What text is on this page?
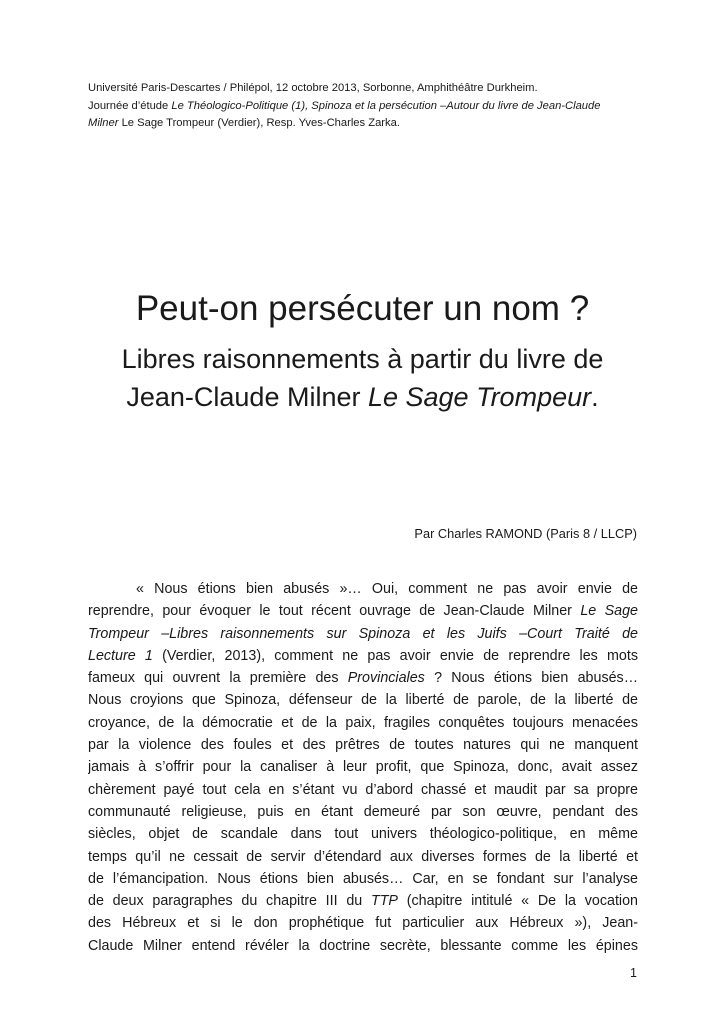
Université Paris-Descartes / Philépol, 12 octobre 2013, Sorbonne, Amphithéâtre Durkheim.
Journée d’étude Le Théologico-Politique (1), Spinoza et la persécution –Autour du livre de Jean-Claude
Milner Le Sage Trompeur (Verdier), Resp. Yves-Charles Zarka.
Peut-on persécuter un nom ?
Libres raisonnements à partir du livre de
Jean-Claude Milner Le Sage Trompeur.
Par Charles RAMOND (Paris 8 / LLCP)
« Nous étions bien abusés »… Oui, comment ne pas avoir envie de
reprendre, pour évoquer le tout récent ouvrage de Jean-Claude Milner Le Sage
Trompeur –Libres raisonnements sur Spinoza et les Juifs –Court Traité de
Lecture 1 (Verdier, 2013), comment ne pas avoir envie de reprendre les mots
fameux qui ouvrent la première des Provinciales ? Nous étions bien abusés…
Nous croyions que Spinoza, défenseur de la liberté de parole, de la liberté de
croyance, de la démocratie et de la paix, fragiles conquêtes toujours menacées
par la violence des foules et des prêtres de toutes natures qui ne manquent
jamais à s’offrir pour la canaliser à leur profit, que Spinoza, donc, avait assez
chèrement payé tout cela en s’étant vu d’abord chassé et maudit par sa propre
communauté religieuse, puis en étant demeuré par son œuvre, pendant des
siècles, objet de scandale dans tout univers théologico-politique, en même
temps qu’il ne cessait de servir d’étendard aux diverses formes de la liberté et
de l’émancipation. Nous étions bien abusés… Car, en se fondant sur l’analyse
de deux paragraphes du chapitre III du TTP (chapitre intitulé « De la vocation
des Hébreux et si le don prophétique fut particulier aux Hébreux »), Jean-
Claude Milner entend révéler la doctrine secrète, blessante comme les épines
1
